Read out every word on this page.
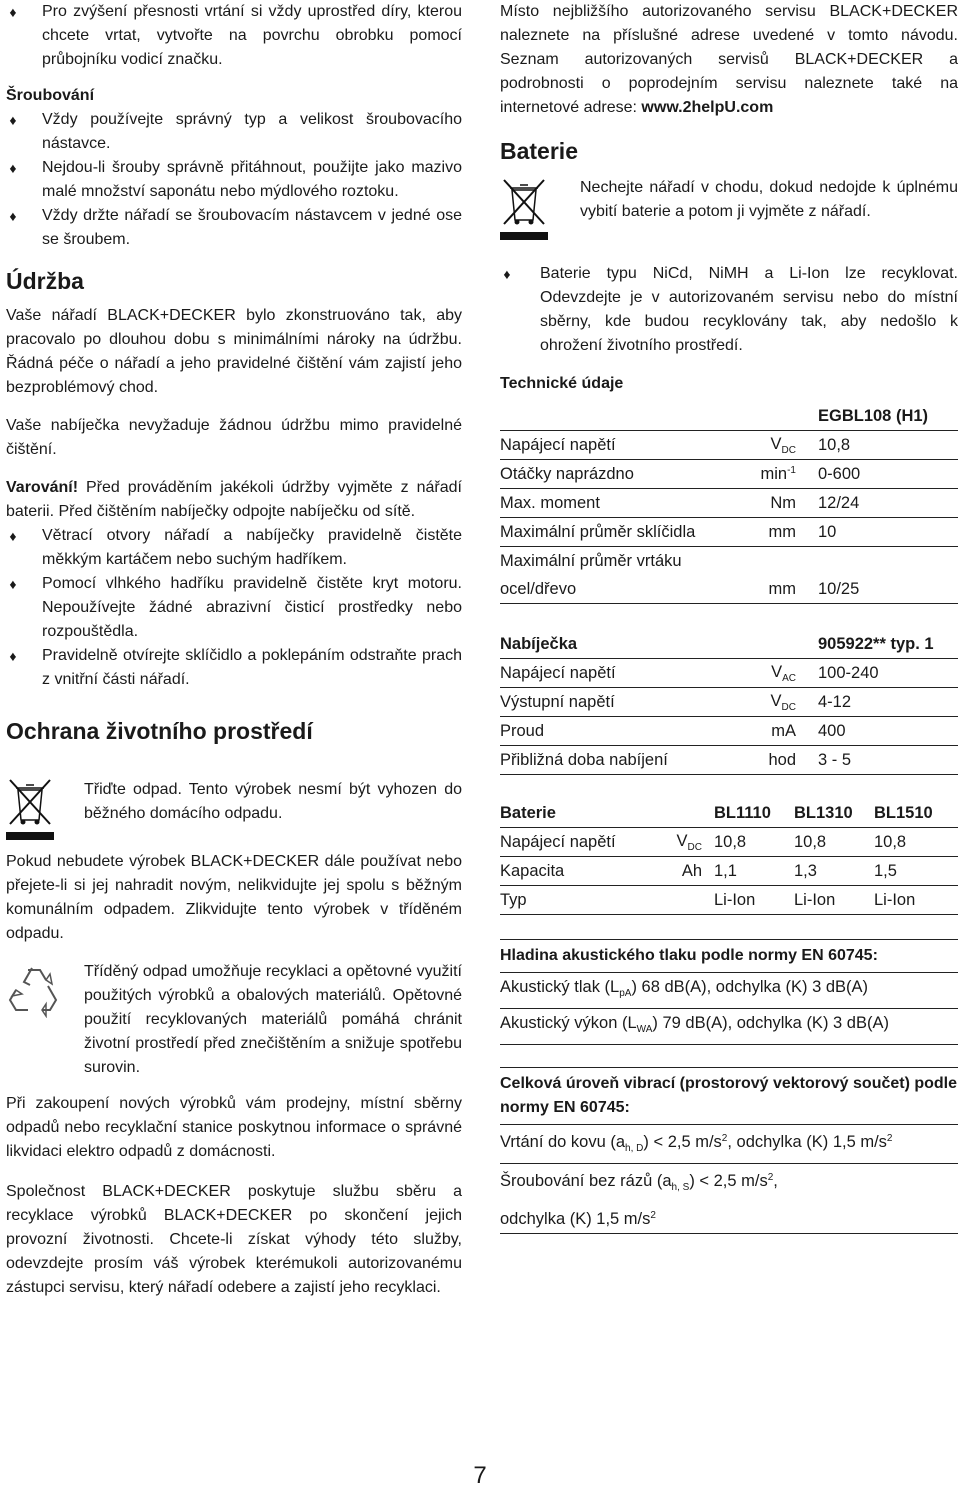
♦ Pro zvýšení přesnosti vrtání si vždy uprostřed díry, kterou chcete vrtat, vytvořte na povrchu obrobku pomocí průbojníku vodicí značku.
Šroubování
♦ Vždy používejte správný typ a velikost šroubovacího nástavce.
♦ Nejdou-li šrouby správně přitáhnout, použijte jako mazivo malé množství saponátu nebo mýdlového roztoku.
♦ Vždy držte nářadí se šroubovacím nástavcem v jedné ose se šroubem.
Údržba

Vaše nářadí BLACK+DECKER bylo zkonstruováno tak, aby pracovalo po dlouhou dobu s minimálními nároky na údržbu. Řádná péče o nářadí a jeho pravidelné čištění vám zajistí jeho bezproblémový chod.

Vaše nabíječka nevyžaduje žádnou údržbu mimo pravidelné čištění.

Varování! Před prováděním jakékoli údržby vyjměte z nářadí baterii. Před čištěním nabíječky odpojte nabíječku od sítě.

♦ Větrací otvory nářadí a nabíječky pravidelně čistěte měkkým kartáčem nebo suchým hadříkem.
♦ Pomocí vlhkého hadříku pravidelně čistěte kryt motoru. Nepoužívejte žádné abrazivní čisticí prostředky nebo rozpouštědla.
♦ Pravidelně otvírejte sklíčidlo a poklepáním odstraňte prach z vnitřní části nářadí.
Ochrana životního prostředí
Třiďte odpad. Tento výrobek nesmí být vyhozen do běžného domácího odpadu.

Pokud nebudete výrobek BLACK+DECKER dále používat nebo přejete-li si jej nahradit novým, nelikvidujte jej spolu s běžným komunálním odpadem. Zlikvidujte tento výrobek v tříděném odpadu.

Tříděný odpad umožňuje recyklaci a opětovné využití použitých výrobků a obalových materiálů. Opětovné použití recyklovaných materiálů pomáhá chránit životní prostředí před znečištěním a snižuje spotřebu surovin.

Při zakoupení nových výrobků vám prodejny, místní sběrny odpadů nebo recyklační stanice poskytnou informace o správné likvidaci elektro odpadů z domácnosti.

Společnost BLACK+DECKER poskytuje službu sběru a recyklace výrobků BLACK+DECKER po skončení jejich provozní životnosti. Chcete-li získat výhody této služby, odevzdejte prosím váš výrobek kterémukoli autorizovanému zástupci servisu, který nářadí odebere a zajistí jeho recyklaci.

Místo nejbližšího autorizovaného servisu BLACK+DECKER naleznete na příslušné adrese uvedené v tomto návodu. Seznam autorizovaných servisů BLACK+DECKER a podrobnosti o poprodejním servisu naleznete také na internetové adrese: www.2helpU.com

Baterie
Nechejte nářadí v chodu, dokud nedojde k úplnému vybití baterie a potom ji vyjměte z nářadí.
♦ Baterie typu NiCd, NiMH a Li-Ion lze recyklovat. Odevzdejte je v autorizovaném servisu nebo do místní sběrny, kde budou recyklovány tak, aby nedošlo k ohrožení životního prostředí.
Technické údaje
		EGBL108 (H1)
Napájecí napětí	$V_{DC}$	10,8
Otáčky naprázdno	$\min^{-1}$	0-600
Max. moment	Nm	12/24
Maximální průměr sklíčidla	mm	10
Maximální průměr vrtáku		
ocel/dřevo	mm	10/25
Nabíječka		905922** typ. 1
Napájecí napětí	$V_{AC}$	100-240
Výstupní napětí	$V_{DC}$	4-12
Proud	mA	400
Přibližná doba nabíjení	hod	3 - 5
Baterie		BL1110	BL1310	BL1510
Napájecí napětí	$V_{DC}$	10,8	10,8	10,8
Kapacita	Ah	1,1	1,3	1,5
Typ		Li-Ion	Li-Ion	Li-Ion
Hladina akustického tlaku podle normy EN 60745:
Akustický tlak $(L_{pA})$ 68 dB(A), odchylka (K) 3 dB(A)
Akustický výkon $(L_{WA})$ 79 dB(A), odchylka (K) 3 dB(A)
Celková úroveň vibrací (prostorový vektorový součet) podle normy EN 60745:
Vrtání do kovu $(a_{h, D}) < 2,5$ $m/s^2$, odchylka (K) 1,5 $m/s^2$
Šroubování bez rázů $(a_{h, S}) < 2,5$ $m/s^2$,
odchylka (K) 1,5 $m/s^2$
7
